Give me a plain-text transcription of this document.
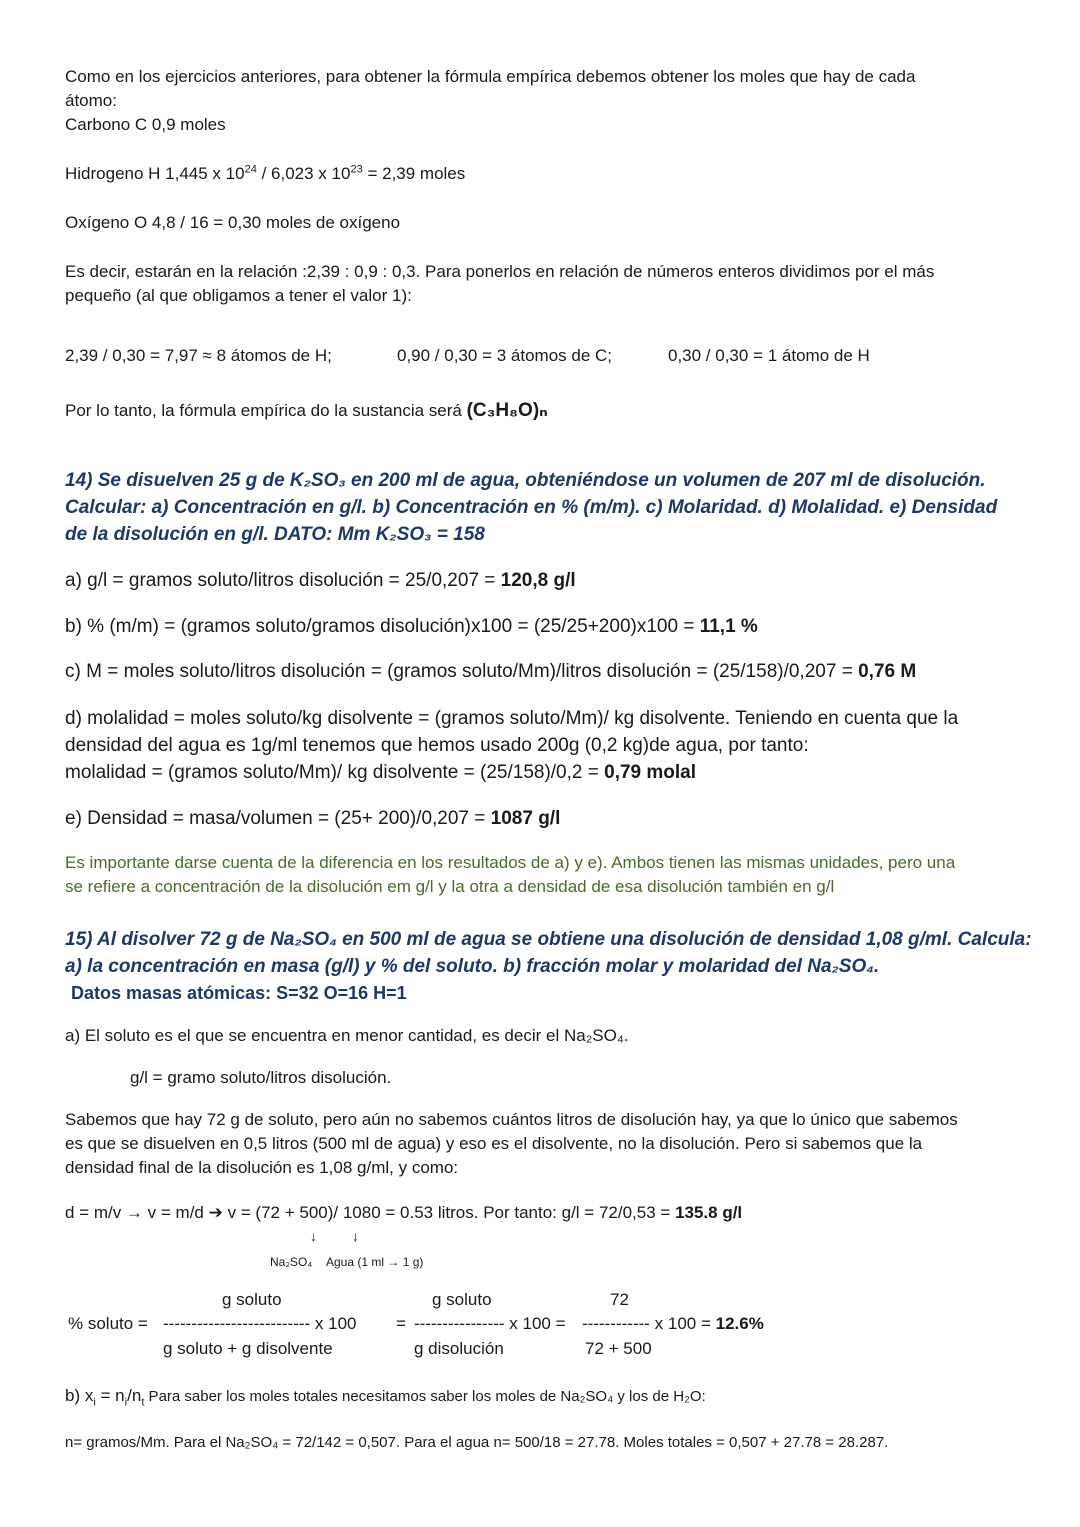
Como en los ejercicios anteriores, para obtener la fórmula empírica debemos obtener los moles que hay de cada
átomo:
Carbono C 0,9 moles
Hidrogeno H 1,445 x $10^{24} / 6,023$ x $10^{23} = 2,39$ moles
Oxígeno O 4,8 / 16 = 0,30 moles de oxígeno
Es decir, estarán en la relación :2,39 : 0,9 : 0,3. Para ponerlos en relación de números enteros dividimos por el más
pequeño (al que obligamos a tener el valor 1):
2,39 / 0,30 = 7,97 ≈ 8 átomos de H;	0,90 / 0,30 = 3 átomos de C;	0,30 / 0,30 = 1 átomo de H
Por lo tanto, la fórmula empírica do la sustancia será (C₃H₈O)ₙ
14) Se disuelven 25 g de K₂SO₃ en 200 ml de agua, obteniéndose un volumen de 207 ml de disolución.
Calcular: a) Concentración en g/l. b) Concentración en % (m/m). c) Molaridad. d) Molalidad. e) Densidad
de la disolución en g/l. DATO: Mm K₂SO₃ = 158
a) g/l = gramos soluto/litros disolución = 25/0,207 = 120,8 g/l
b) % (m/m) = (gramos soluto/gramos disolución)x100 = (25/25+200)x100 = 11,1 %
c) M = moles soluto/litros disolución = (gramos soluto/Mm)/litros disolución = (25/158)/0,207 = 0,76 M
d) molalidad = moles soluto/kg disolvente = (gramos soluto/Mm)/ kg disolvente. Teniendo en cuenta que la
densidad del agua es 1g/ml tenemos que hemos usado 200g (0,2 kg)de agua, por tanto:
molalidad = (gramos soluto/Mm)/ kg disolvente = (25/158)/0,2 = 0,79 molal
e) Densidad = masa/volumen = (25+ 200)/0,207 = 1087 g/l
Es importante darse cuenta de la diferencia en los resultados de a) y e). Ambos tienen las mismas unidades, pero una
se refiere a concentración de la disolución em g/l y la otra a densidad de esa disolución también en g/l
15) Al disolver 72 g de Na₂SO₄ en 500 ml de agua se obtiene una disolución de densidad 1,08 g/ml. Calcula:
a) la concentración en masa (g/l) y % del soluto. b) fracción molar y molaridad del Na₂SO₄.
Datos masas atómicas: S=32 O=16 H=1
a) El soluto es el que se encuentra en menor cantidad, es decir el Na₂SO₄.
g/l = gramo soluto/litros disolución.
Sabemos que hay 72 g de soluto, pero aún no sabemos cuántos litros de disolución hay, ya que lo único que sabemos
es que se disuelven en 0,5 litros (500 ml de agua) y eso es el disolvente, no la disolución. Pero si sabemos que la
densidad final de la disolución es 1,08 g/ml, y como:
d = m/v → v = m/d ➔ v = (72 + 500)/ 1080 = 0.53 litros. Por tanto: g/l = 72/0,53 = 135.8 g/l
↓	↓
Na₂SO₄ Agua (1 ml → 1 g)
g soluto
% soluto = -------------------------- x 100
g soluto + g disolvente
=
g soluto
---------------- x 100 =
g disolución
72
------------ x 100 = 12.6%
72 + 500
b) $x_i = n_i/n_t$ Para saber los moles totales necesitamos saber los moles de Na₂SO₄ y los de H₂O:
n= gramos/Mm. Para el Na₂SO₄ = 72/142 = 0,507. Para el agua n= 500/18 = 27.78. Moles totales = 0,507 + 27.78 = 28.287.
